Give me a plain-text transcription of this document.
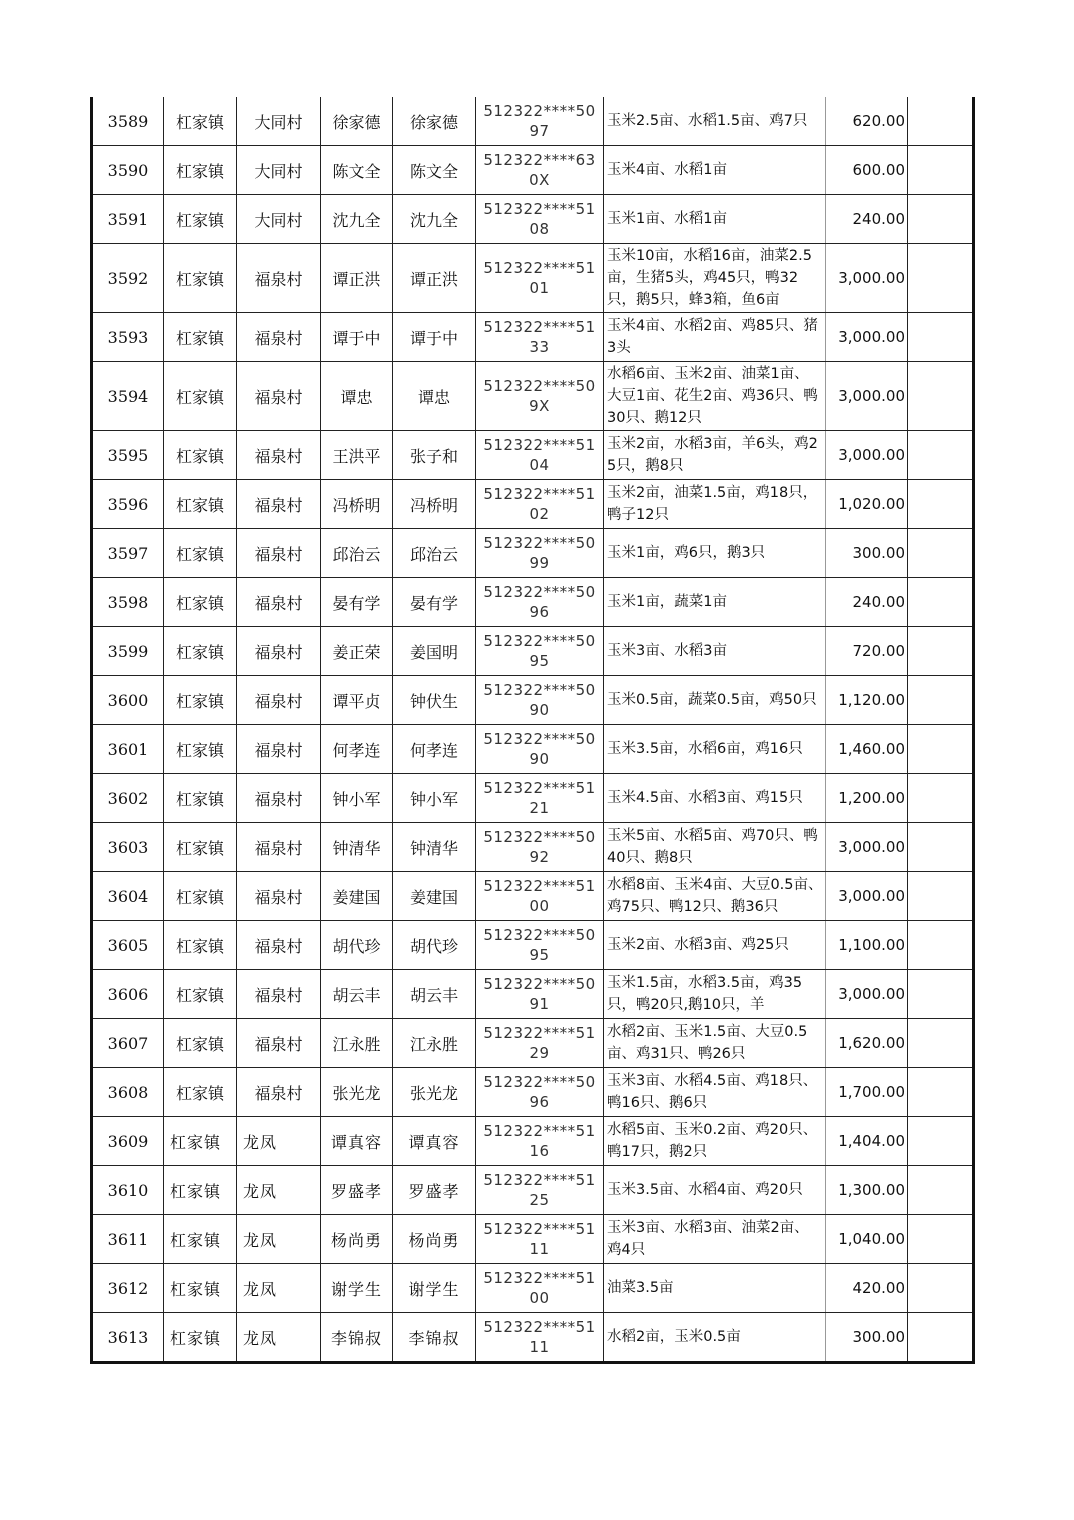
3589	杠家镇	大同村	徐家德	徐家德	512322****5097	玉米2.5亩、水稻1.5亩、鸡7只	620.00	
3590	杠家镇	大同村	陈文全	陈文全	512322****630X	玉米4亩、水稻1亩	600.00	
3591	杠家镇	大同村	沈九全	沈九全	512322****5108	玉米1亩、水稻1亩	240.00	
3592	杠家镇	福泉村	谭正洪	谭正洪	512322****5101	玉米10亩，水稻16亩，油菜2.5亩，生猪5头，鸡45只，鸭32只，鹅5只，蜂3箱，鱼6亩	3,000.00	
3593	杠家镇	福泉村	谭于中	谭于中	512322****5133	玉米4亩、水稻2亩、鸡85只、猪3头	3,000.00	
3594	杠家镇	福泉村	谭忠	谭忠	512322****509X	水稻6亩、玉米2亩、油菜1亩、大豆1亩、花生2亩、鸡36只、鸭30只、鹅12只	3,000.00	
3595	杠家镇	福泉村	王洪平	张子和	512322****5104	玉米2亩，水稻3亩，羊6头，鸡25只，鹅8只	3,000.00	
3596	杠家镇	福泉村	冯桥明	冯桥明	512322****5102	玉米2亩，油菜1.5亩，鸡18只，鸭子12只	1,020.00	
3597	杠家镇	福泉村	邱治云	邱治云	512322****5099	玉米1亩，鸡6只，鹅3只	300.00	
3598	杠家镇	福泉村	晏有学	晏有学	512322****5096	玉米1亩，蔬菜1亩	240.00	
3599	杠家镇	福泉村	姜正荣	姜国明	512322****5095	玉米3亩、水稻3亩	720.00	
3600	杠家镇	福泉村	谭平贞	钟伏生	512322****5090	玉米0.5亩，蔬菜0.5亩，鸡50只	1,120.00	
3601	杠家镇	福泉村	何孝连	何孝连	512322****5090	玉米3.5亩，水稻6亩，鸡16只	1,460.00	
3602	杠家镇	福泉村	钟小军	钟小军	512322****5121	玉米4.5亩、水稻3亩、鸡15只	1,200.00	
3603	杠家镇	福泉村	钟清华	钟清华	512322****5092	玉米5亩、水稻5亩、鸡70只、鸭40只、鹅8只	3,000.00	
3604	杠家镇	福泉村	姜建国	姜建国	512322****5100	水稻8亩、玉米4亩、大豆0.5亩、鸡75只、鸭12只、鹅36只	3,000.00	
3605	杠家镇	福泉村	胡代珍	胡代珍	512322****5095	玉米2亩、水稻3亩、鸡25只	1,100.00	
3606	杠家镇	福泉村	胡云丰	胡云丰	512322****5091	玉米1.5亩，水稻3.5亩，鸡35只，鸭20只,鹅10只，羊	3,000.00	
3607	杠家镇	福泉村	江永胜	江永胜	512322****5129	水稻2亩、玉米1.5亩、大豆0.5亩、鸡31只、鸭26只	1,620.00	
3608	杠家镇	福泉村	张光龙	张光龙	512322****5096	玉米3亩、水稻4.5亩、鸡18只、鸭16只、鹅6只	1,700.00	
3609	杠家镇	龙凤	谭真容	谭真容	512322****5116	水稻5亩、玉米0.2亩、鸡20只、鸭17只，鹅2只	1,404.00	
3610	杠家镇	龙凤	罗盛孝	罗盛孝	512322****5125	玉米3.5亩、水稻4亩、鸡20只	1,300.00	
3611	杠家镇	龙凤	杨尚勇	杨尚勇	512322****5111	玉米3亩、水稻3亩、油菜2亩、鸡4只	1,040.00	
3612	杠家镇	龙凤	谢学生	谢学生	512322****5100	油菜3.5亩	420.00	
3613	杠家镇	龙凤	李锦叔	李锦叔	512322****5111	水稻2亩，玉米0.5亩	300.00	
